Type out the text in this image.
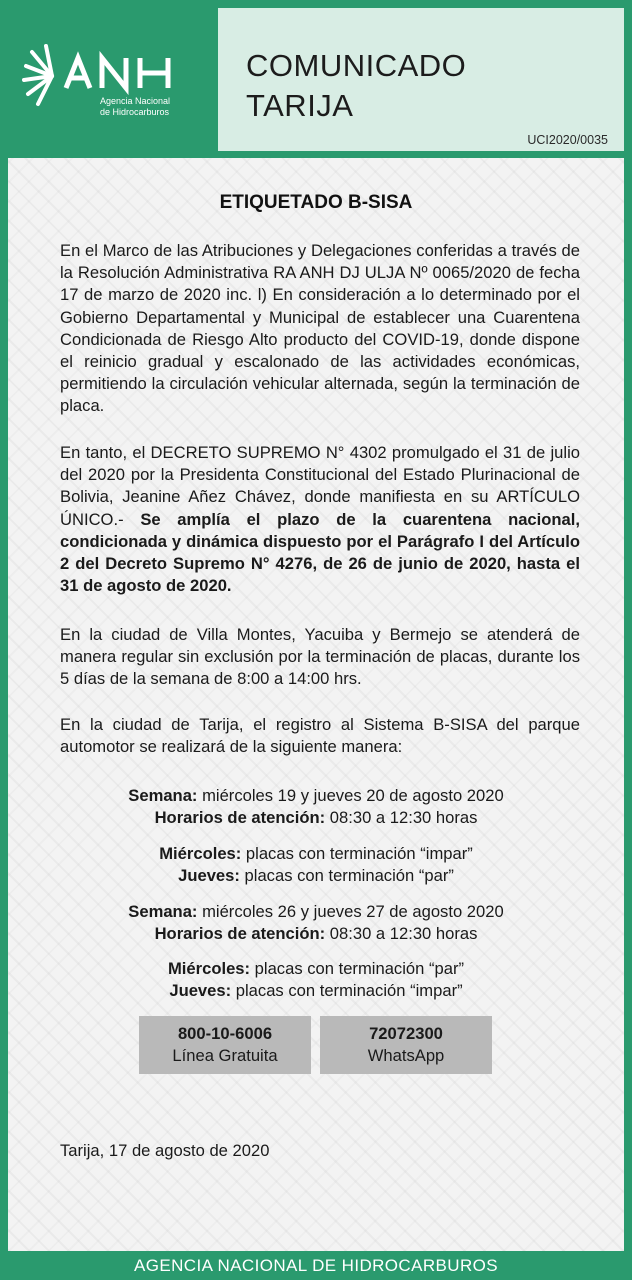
Agencia Nacional
de Hidrocarburos
COMUNICADO
TARIJA
UCI2020/0035
ETIQUETADO B-SISA

En el Marco de las Atribuciones y Delegaciones conferidas a través de la Resolución Administrativa RA ANH DJ ULJA Nº 0065/2020 de fecha 17 de marzo de 2020 inc. l) En consideración a lo determinado por el Gobierno Departamental y Municipal de establecer una Cuarentena Condicionada de Riesgo Alto producto del COVID-19, donde dispone el reinicio gradual y escalonado de las actividades económicas, permitiendo la circulación vehicular alternada, según la terminación de placa.

En tanto, el DECRETO SUPREMO N° 4302 promulgado el 31 de julio del 2020 por la Presidenta Constitucional del Estado Plurinacional de Bolivia, Jeanine Añez Chávez, donde manifiesta en su ARTÍCULO ÚNICO.- Se amplía el plazo de la cuarentena nacional, condicionada y dinámica dispuesto por el Parágrafo I del Artículo 2 del Decreto Supremo N° 4276, de 26 de junio de 2020, hasta el 31 de agosto de 2020.

En la ciudad de Villa Montes, Yacuiba y Bermejo se atenderá de manera regular sin exclusión por la terminación de placas, durante los 5 días de la semana de 8:00 a 14:00 hrs.

En la ciudad de Tarija, el registro al Sistema B-SISA del parque automotor se realizará de la siguiente manera:

Semana: miércoles 19 y jueves 20 de agosto 2020
Horarios de atención: 08:30 a 12:30 horas
Miércoles: placas con terminación “impar”
Jueves: placas con terminación “par”
Semana: miércoles 26 y jueves 27 de agosto 2020
Horarios de atención: 08:30 a 12:30 horas
Miércoles: placas con terminación “par”
Jueves: placas con terminación “impar”
800-10-6006
Línea Gratuita
72072300
WhatsApp
Tarija, 17 de agosto de 2020
AGENCIA NACIONAL DE HIDROCARBUROS
